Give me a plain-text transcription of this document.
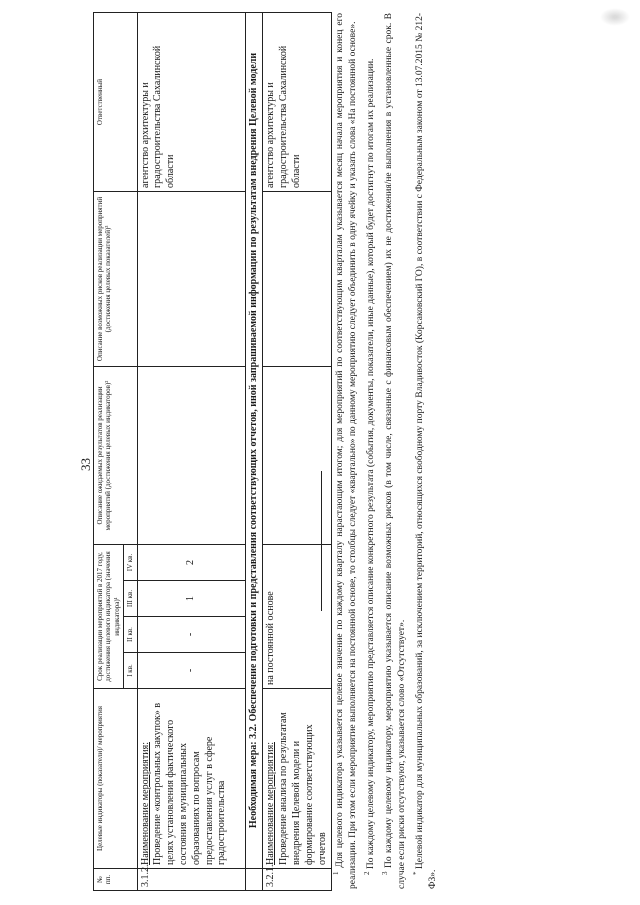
33
№ пп.	Целевые индикаторы (показатели)/ мероприятия	Срок реализации мероприятий в 2017 году, достижения целевого индикатора (значения индикатора)¹				Описание ожидаемых результатов реализации мероприятий (достижения целевых индикаторов)²	Описание возможных рисков реализации мероприятий (достижения целевых показателей)³	Ответственный
		I кв.	II кв.	III кв.	IV кв.			
3.1.2.	Наименование мероприятия: Проведение «контрольных закупок» в целях установления фактического состояния в муниципальных образованиях по вопросам предоставления услуг в сфере градостроительства	-	-	1	2			агентство архитектуры и градостроительства Сахалинской области
	Необходимая мера: 3.2. Обеспечение подготовки и представления соответствующих отчетов, иной запрашиваемой информации по результатам внедрения Целевой модели							
3.2.1.	Наименование мероприятия: Проведение анализа по результатам внедрения Целевой модели и формирование соответствующих отчетов	на постоянной основе						агентство архитектуры и градостроительства Сахалинской области

$^1$ Для целевого индикатора указывается целевое значение по каждому кварталу нарастающим итогом; для мероприятий по соответствующим кварталам указывается месяц начала мероприятия и конец его реализации. При этом если мероприятие выполняется на постоянной основе, то столбцы следует «квартально» по данному мероприятию следует объединить в одну ячейку и указать слова «На постоянной основе». $^2$ По каждому целевому индикатору, мероприятию представляется описание конкретного результата (события, документы, показатели, иные данные), который будет достигнут по итогам их реализации.

$^3$ По каждому целевому индикатору, мероприятию указывается описание возможных рисков (в том числе, связанные с финансовым обеспечением) их не достижения/не выполнения в установленные срок. В случае если риски отсутствуют, указывается слово «Отсутствует». * Целевой индикатор для муниципальных образований, за исключением территорий, относящихся свободному порту Владивосток (Корсаковский ГО), в соответствии с Федеральным законом от 13.07.2015 № 212-ФЗ».
